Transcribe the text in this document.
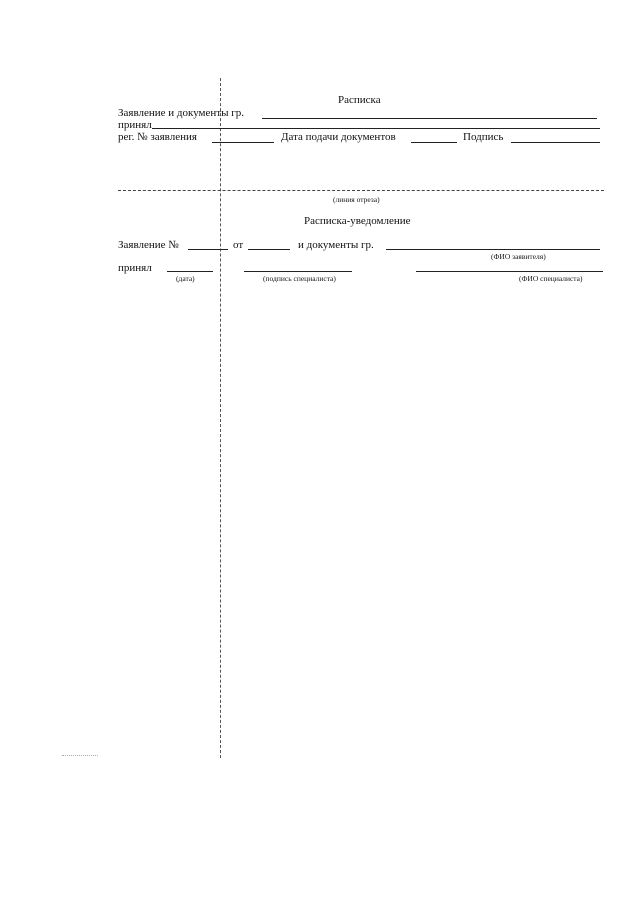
Расписка
Заявление и документы гр.
принял
рег. № заявления	Дата подачи документов	Подпись
(линия отреза)
Расписка-уведомление
Заявление №	от	и документы гр.
(ФИО заявителя)
принял
(дата)	(подпись специалиста)	(ФИО специалиста)
